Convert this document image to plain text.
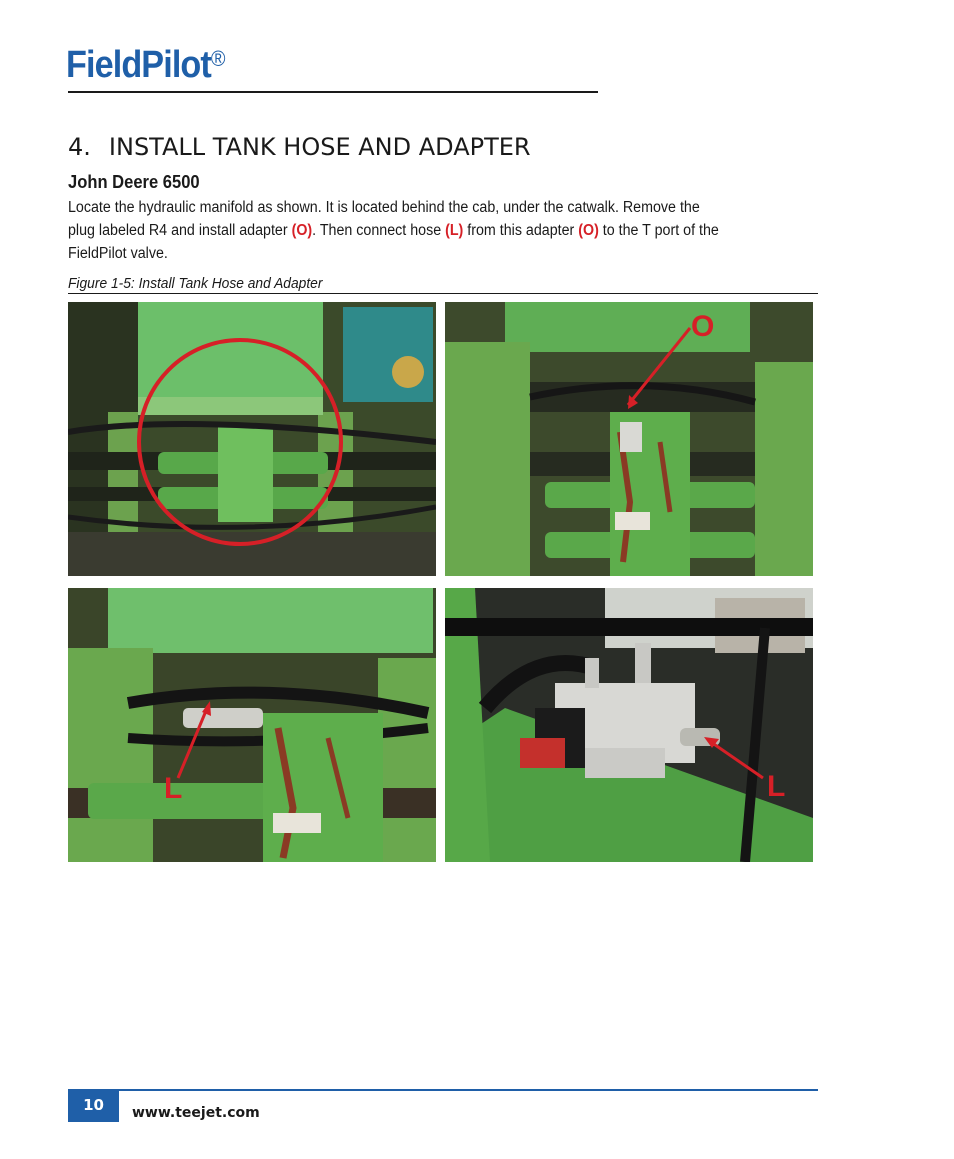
FieldPilot®
4. INSTALL TANK HOSE AND ADAPTER
John Deere 6500
Locate the hydraulic manifold as shown. It is located behind the cab, under the catwalk. Remove the
plug labeled R4 and install adapter (O). Then connect hose (L) from this adapter (O) to the T port of the
FieldPilot valve.
Figure 1-5: Install Tank Hose and Adapter
O
L	L
10	www.teejet.com
